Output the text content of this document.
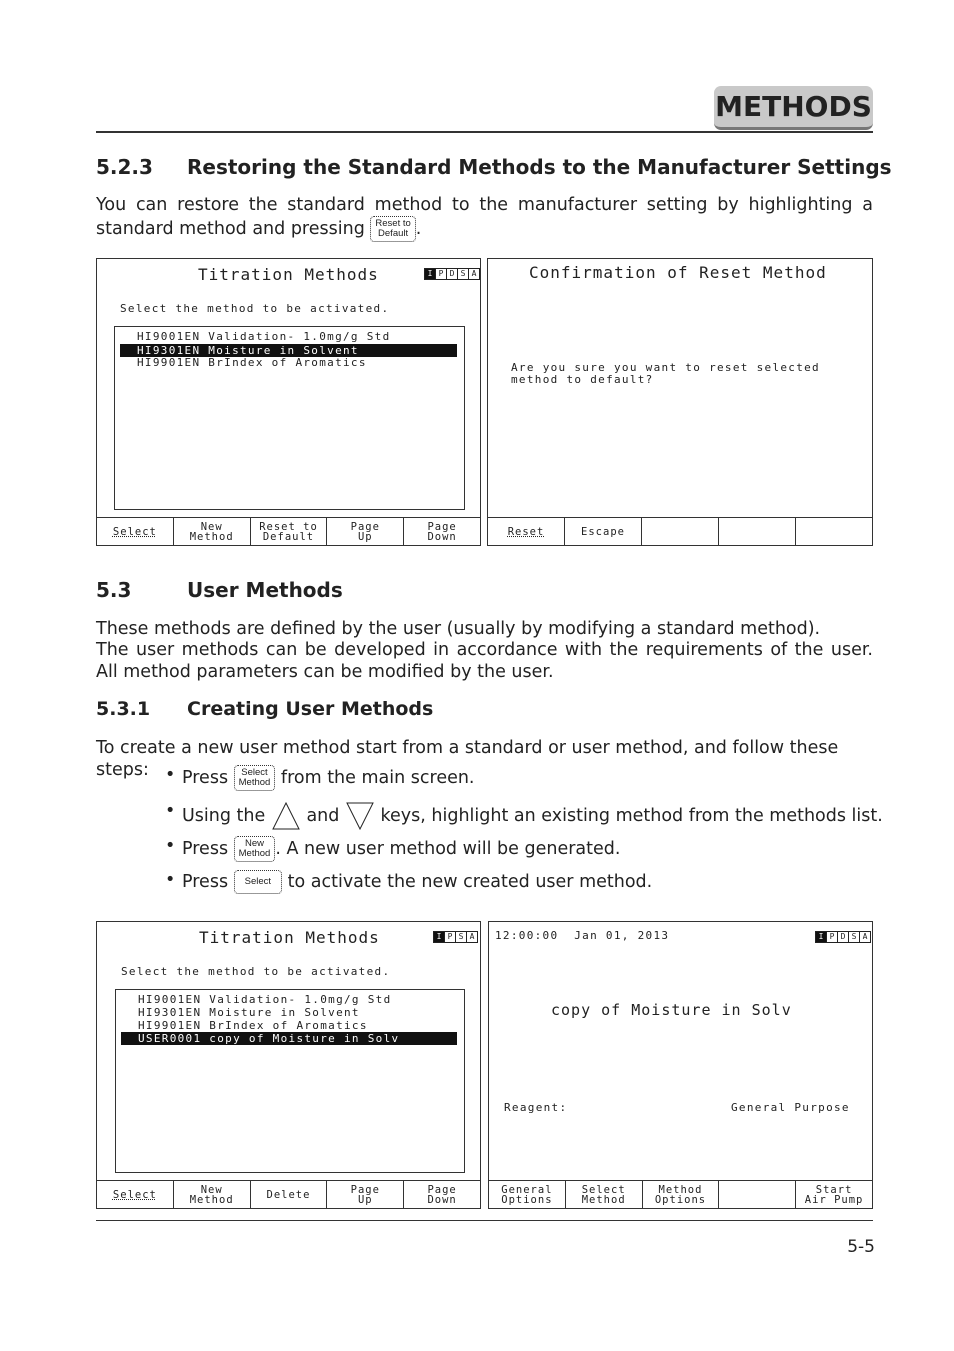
METHODS
5.2.3 Restoring the Standard Methods to the Manufacturer Settings
You can restore the standard method to the manufacturer setting by highlighting a standard method and pressing Reset to
Default .
Titration Methods	I P D S A
Select the method to be activated.
HI9001EN Validation- 1.0mg/g Std
HI9301EN Moisture in Solvent
HI9901EN BrIndex of Aromatics
Select	New
Method
Reset to
Default
Page
Up
Page
Down
Confirmation of Reset Method
Are you sure you want to reset selected
method to default?
Reset	Escape
5.3	User Methods
These methods are defined by the user (usually by modifying a standard method).
The user methods can be developed in accordance with the requirements of the user. All method parameters can be modified by the user.
5.3.1 Creating User Methods
To create a new user method start from a standard or user method, and follow these steps:
•	Press Select
Method from the main screen.
• Using the and keys, highlight an existing method from the methods list.
• Press New
Method . A new user method will be generated.
• Press Select to activate the new created user method.
Titration Methods	I P S A
Select the method to be activated.
HI9001EN Validation- 1.0mg/g Std
HI9301EN Moisture in Solvent
HI9901EN BrIndex of Aromatics
USER0001 copy of Moisture in Solv
Select	New
Method	Delete	Page
Up
Page
Down
12:00:00  Jan 01, 2013	I P D S A
copy of Moisture in Solv
Reagent:	General Purpose
General
Options
Select
Method
Method
Options
Start
Air Pump
5-5
